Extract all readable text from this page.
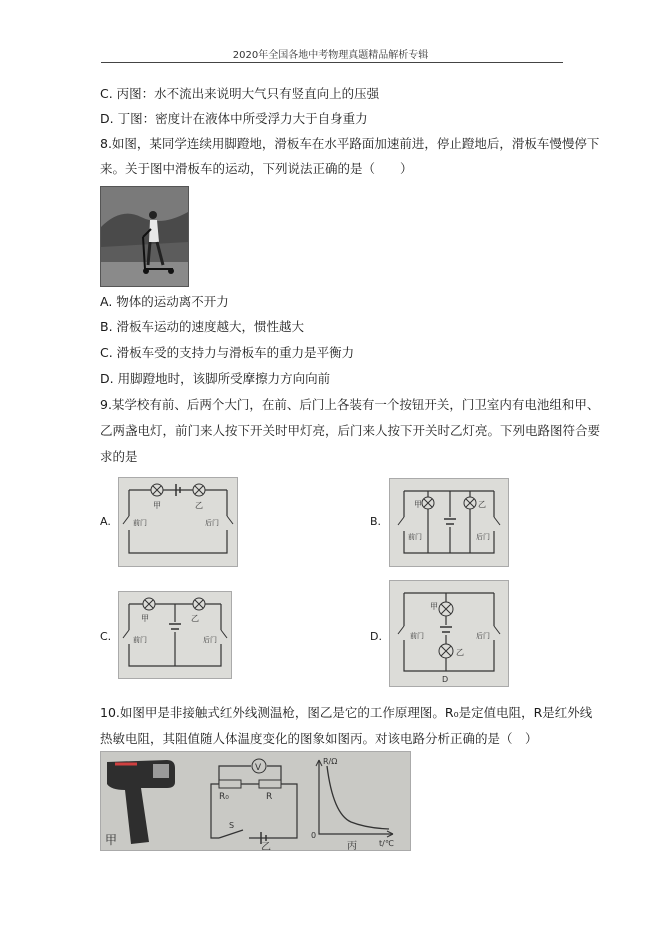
2020年全国各地中考物理真题精品解析专辑
C. 丙图：水不流出来说明大气只有竖直向上的压强
D. 丁图：密度计在液体中所受浮力大于自身重力
8.如图，某同学连续用脚蹬地，滑板车在水平路面加速前进，停止蹬地后，滑板车慢慢停下
来。关于图中滑板车的运动，下列说法正确的是（　　）
A. 物体的运动离不开力
B. 滑板车运动的速度越大，惯性越大
C. 滑板车受的支持力与滑板车的重力是平衡力
D. 用脚蹬地时，该脚所受摩擦力方向向前
9.某学校有前、后两个大门，在前、后门上各装有一个按钮开关，门卫室内有电池组和甲、
乙两盏电灯，前门来人按下开关时甲灯亮，后门来人按下开关时乙灯亮。下列电路图符合要
求的是
A.
甲	乙
前门	后门	B.
甲	乙
前门	后门
C.
甲	乙
前门	后门	D.
甲
乙
前门	后门
D
10.如图甲是非接触式红外线测温枪，图乙是它的工作原理图。R₀是定值电阻，R是红外线
热敏电阻，其阻值随人体温度变化的图象如图丙。对该电路分析正确的是（　）
甲
V
R₀	R
S
乙
R/Ω
t/℃
0
丙
